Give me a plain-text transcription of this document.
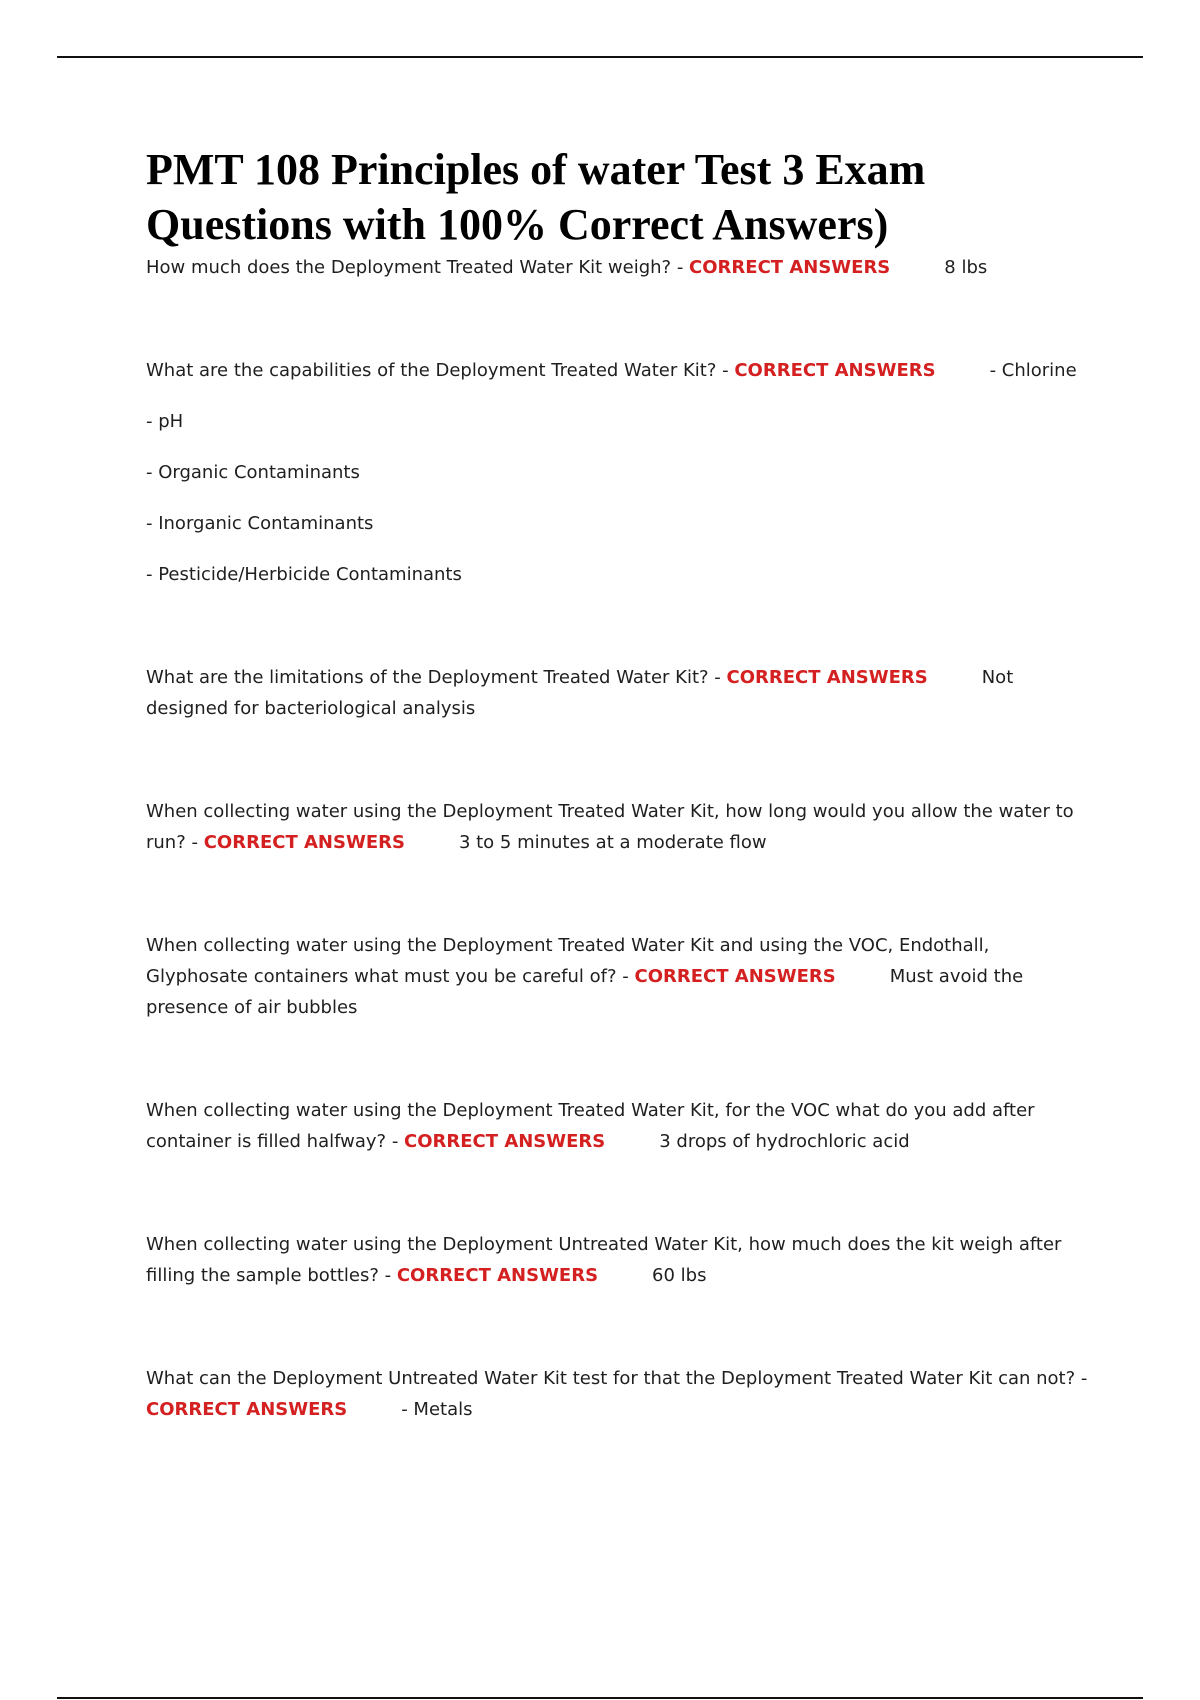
PMT 108 Principles of water Test 3 Exam Questions with 100% Correct Answers)

How much does the Deployment Treated Water Kit weigh? - CORRECT ANSWERS	8 lbs

What are the capabilities of the Deployment Treated Water Kit? - CORRECT ANSWERS	- Chlorine

- pH

- Organic Contaminants

- Inorganic Contaminants

- Pesticide/Herbicide Contaminants

What are the limitations of the Deployment Treated Water Kit? - CORRECT ANSWERS	Not designed for bacteriological analysis

When collecting water using the Deployment Treated Water Kit, how long would you allow the water to run? - CORRECT ANSWERS	3 to 5 minutes at a moderate flow

When collecting water using the Deployment Treated Water Kit and using the VOC, Endothall, Glyphosate containers what must you be careful of? - CORRECT ANSWERS	Must avoid the presence of air bubbles

When collecting water using the Deployment Treated Water Kit, for the VOC what do you add after container is filled halfway? - CORRECT ANSWERS	3 drops of hydrochloric acid

When collecting water using the Deployment Untreated Water Kit, how much does the kit weigh after filling the sample bottles? - CORRECT ANSWERS	60 lbs

What can the Deployment Untreated Water Kit test for that the Deployment Treated Water Kit can not? - CORRECT ANSWERS	- Metals
